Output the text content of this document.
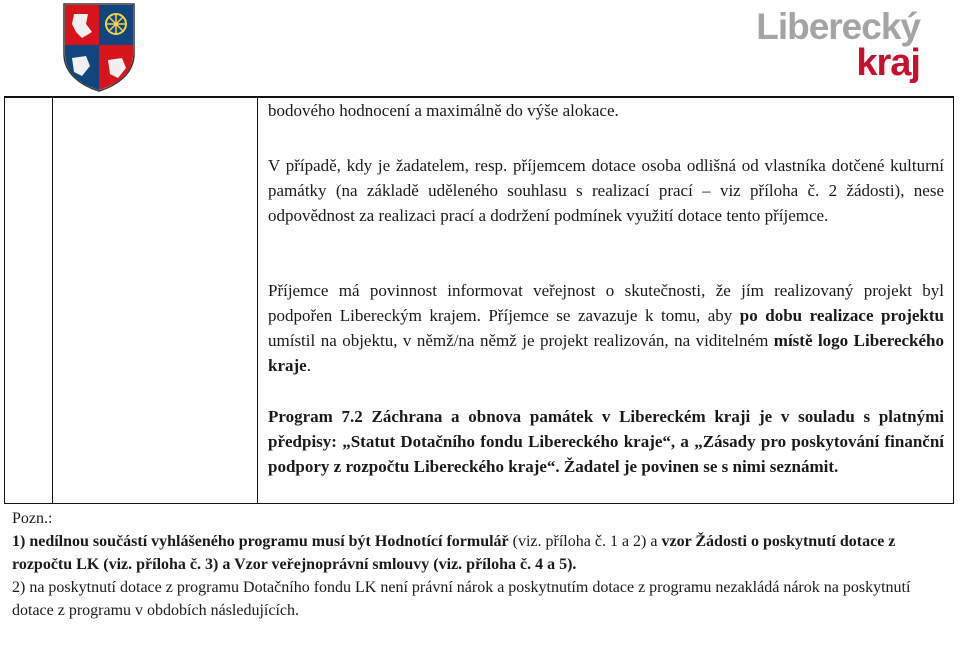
Liberecký
kraj

bodového hodnocení a maximálně do výše alokace.

V případě, kdy je žadatelem, resp. příjemcem dotace osoba odlišná od vlastníka dotčené kulturní památky (na základě uděleného souhlasu s realizací prací – viz příloha č. 2 žádosti), nese odpovědnost za realizaci prací a dodržení podmínek využití dotace tento příjemce.

Příjemce má povinnost informovat veřejnost o skutečnosti, že jím realizovaný projekt byl podpořen Libereckým krajem. Příjemce se zavazuje k tomu, aby po dobu realizace projektu umístil na objektu, v němž/na němž je projekt realizován, na viditelném místě logo Libereckého kraje.

Program 7.2 Záchrana a obnova památek v Libereckém kraji je v souladu s platnými předpisy: „Statut Dotačního fondu Libereckého kraje“, a „Zásady pro poskytování finanční podpory z rozpočtu Libereckého kraje“. Žadatel je povinen se s nimi seznámit.

Pozn.:

1) nedílnou součástí vyhlášeného programu musí být Hodnotící formulář (viz. příloha č. 1 a 2) a vzor Žádosti o poskytnutí dotace z rozpočtu LK (viz. příloha č. 3) a Vzor veřejnoprávní smlouvy (viz. příloha č. 4 a 5).

2) na poskytnutí dotace z programu Dotačního fondu LK není právní nárok a poskytnutím dotace z programu nezakládá nárok na poskytnutí dotace z programu v obdobích následujících.
